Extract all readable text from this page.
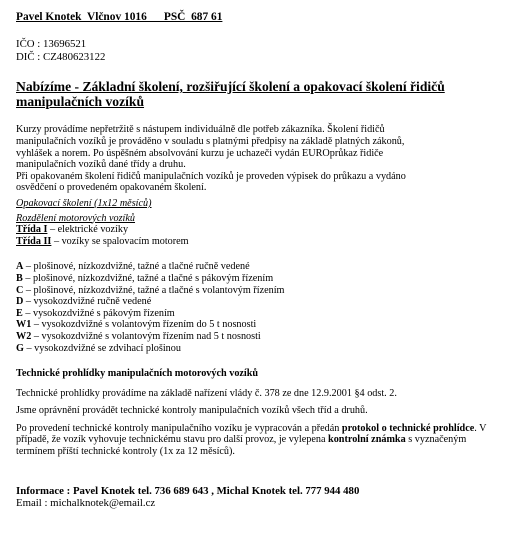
Pavel Knotek  Vlčnov 1016      PSČ  687 61
IČO : 13696521
DIČ : CZ480623122
Nabízíme - Základní školení, rozšiřující školení a opakovací školení řidičů manipulačních vozíků
Kurzy provádíme nepřetržitě s nástupem individuálně dle potřeb zákazníka. Školení řidičů
manipulačních vozíků je prováděno v souladu s platnými předpisy na základě platných zákonů,
vyhlášek a norem. Po úspěšném absolvování kurzu je uchazeči vydán EUROprůkaz řidiče
manipulačních vozíků dané třídy a druhu.
Při opakovaném školení řidičů manipulačních vozíků je proveden výpisek do průkazu a vydáno
osvědčení o provedeném opakovaném školení.
Opakovací školení (1x12 měsíců)
Rozdělení motorových vozíků
Třída I – elektrické vozíky
Třída II – vozíky se spalovacím motorem
A – plošinové, nízkozdvižné, tažné a tlačné ručně vedené
B – plošinové, nízkozdvižné, tažné a tlačné s pákovým řízením
C – plošinové, nízkozdvižné, tažné a tlačné s volantovým řízením
D – vysokozdvižné ručně vedené
E – vysokozdvižné s pákovým řízením
W1 – vysokozdvižné s volantovým řízením do 5 t nosnosti
W2 – vysokozdvižné s volantovým řízením nad 5 t nosnosti
G – vysokozdvižné se zdvihací plošinou
Technické prohlídky manipulačních motorových vozíků
Technické prohlídky provádíme na základě nařízení vlády č. 378 ze dne 12.9.2001 §4 odst. 2.
Jsme oprávnění provádět technické kontroly manipulačních vozíků všech tříd a druhů.
Po provedení technické kontroly manipulačního vozíku je vypracován a předán protokol o technické prohlídce. V případě, že vozík vyhovuje technickému stavu pro další provoz, je vylepena kontrolní známka s vyznačeným termínem příští technické kontroly (1x za 12 měsíců).
Informace : Pavel Knotek tel. 736 689 643 , Michal Knotek tel. 777 944 480
Email : michalknotek@email.cz
